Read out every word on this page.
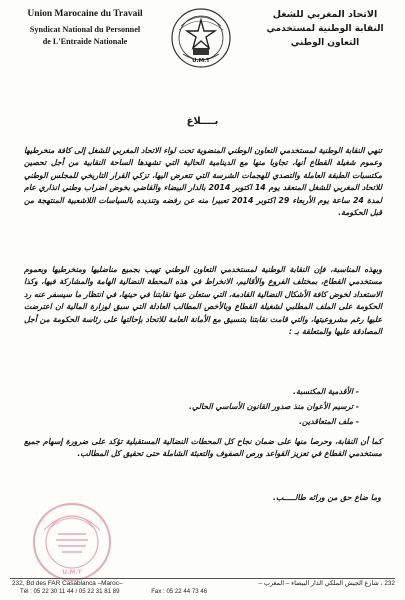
Union Marocaine du Travail
Syndicat National du Personnel
de L'Entraide Nationale
U.M.T
الاتحاد المغربي للشغل
النقابة الوطنية لمستخدمي
التعاون الوطني
بــــلاغ

تنهي النقابة الوطنية لمستخدمي التعاون الوطني المنضوية تحت لواء الاتحاد المغربي للشغل إلى كافة منخرطيها وعموم شغيلة القطاع أنها، تجاوبا منها مع الدينامية الحالية التي تشهدها الساحة النقابية من أجل تحصين مكتسبات الطبقة العاملة والتصدي للهجمات الشرسة التي تتعرض اليها، تزكي القرار التاريخي للمجلس الوطني للاتحاد المغربي للشغل المنعقد يوم 14 اكتوبر 2014 بالدار البيضاء والقاضي بخوض اضراب وطني انذاري عام لمدة 24 ساعة يوم الأربعاء 29 اكتوبر 2014 تعبيرا منه عن رفضه وتنديده بالسياسات اللاشعبية المنتهجة من قبل الحكومة.

وبهذه المناسبة، فإن النقابة الوطنية لمستخدمي التعاون الوطني تهيب بجميع مناضليها ومنخرطيها وبعموم مستخدمي القطاع، بمختلف الفروع والأقاليم، الانخراط في هذه المحطة النضالية الهامة والمشاركة فيها، وكذا الاستعداد لخوض كافة الأشكال النضالية القادمة، التي ستعلن عنها نقابتنا في حينها، في انتظار ما سيسفر عنه رد الحكومة على الملف المطلبي لشغيلة القطاع وبالأخص المطالب العادلة التي سبق لوزارة المالية ان اعترضت عليها رغم مشروعيتها، والتي قامت نقابتنا بتنسيق مع الأمانة العامة للاتحاد بإحالتها على رئاسة الحكومة من أجل المصادقة عليها والمتعلقة بـ :

- الأقدمية المكتسبة.
- ترسيم الأعوان منذ صدور القانون الأساسي الحالي.
- ملف المتعاقدين.

كما أن النقابة، وحرصا منها على ضمان نجاح كل المحطات النضالية المستقبلية تؤكد على ضرورة إسهام جميع مستخدمي القطاع في تعزيز القواعد ورص الصفوف والتعبئة الشاملة حتى تحقيق كل المطالب.

وما ضاع حق من ورائه طالـــــب.

U.M.T
232, Bd des FAR Casablanca –Maroc–	232 ، شارع الجيش الملكي الدار البيضاء – المغرب –
Tél : 05 22 30 11 44 / 05 22 31 81 89	Fax : 05 22 44 73 46
